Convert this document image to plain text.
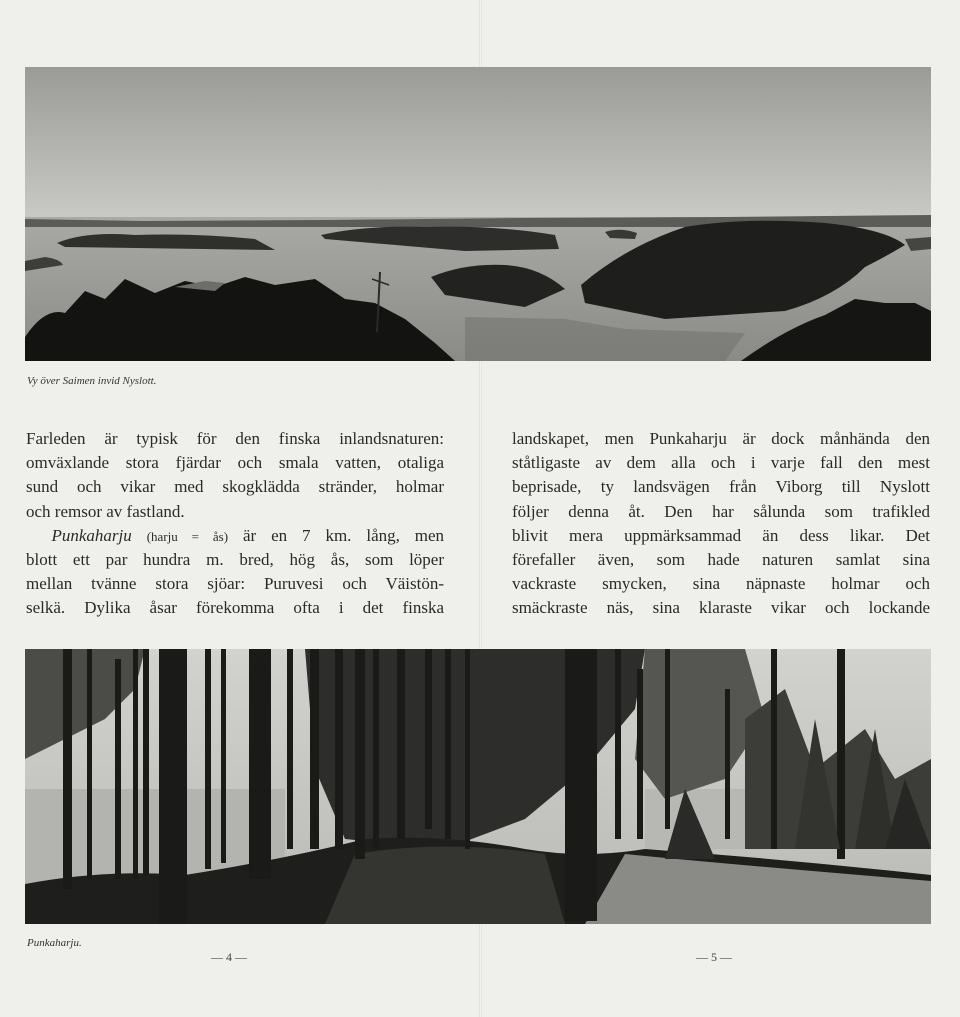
Vy över Saimen invid Nyslott.
Farleden är typisk för den finska inlandsnaturen:
omväxlande stora fjärdar och smala vatten, otaliga
sund och vikar med skogklädda stränder, holmar
och remsor av fastland.
  Punkaharju (harju = ås) är en 7 km. lång, men
blott ett par hundra m. bred, hög ås, som löper
mellan tvänne stora sjöar: Puruvesi och Väistön-
selkä. Dylika åsar förekomma ofta i det finska
landskapet, men Punkaharju är dock månhända den
ståtligaste av dem alla och i varje fall den mest
beprisade, ty landsvägen från Viborg till Nyslott
följer denna åt. Den har sålunda som trafikled
blivit mera uppmärksammad än dess likar. Det
förefaller även, som hade naturen samlat sina
vackraste smycken, sina näpnaste holmar och
smäckraste näs, sina klaraste vikar och lockande
Punkaharju.
— 4 —	— 5 —
